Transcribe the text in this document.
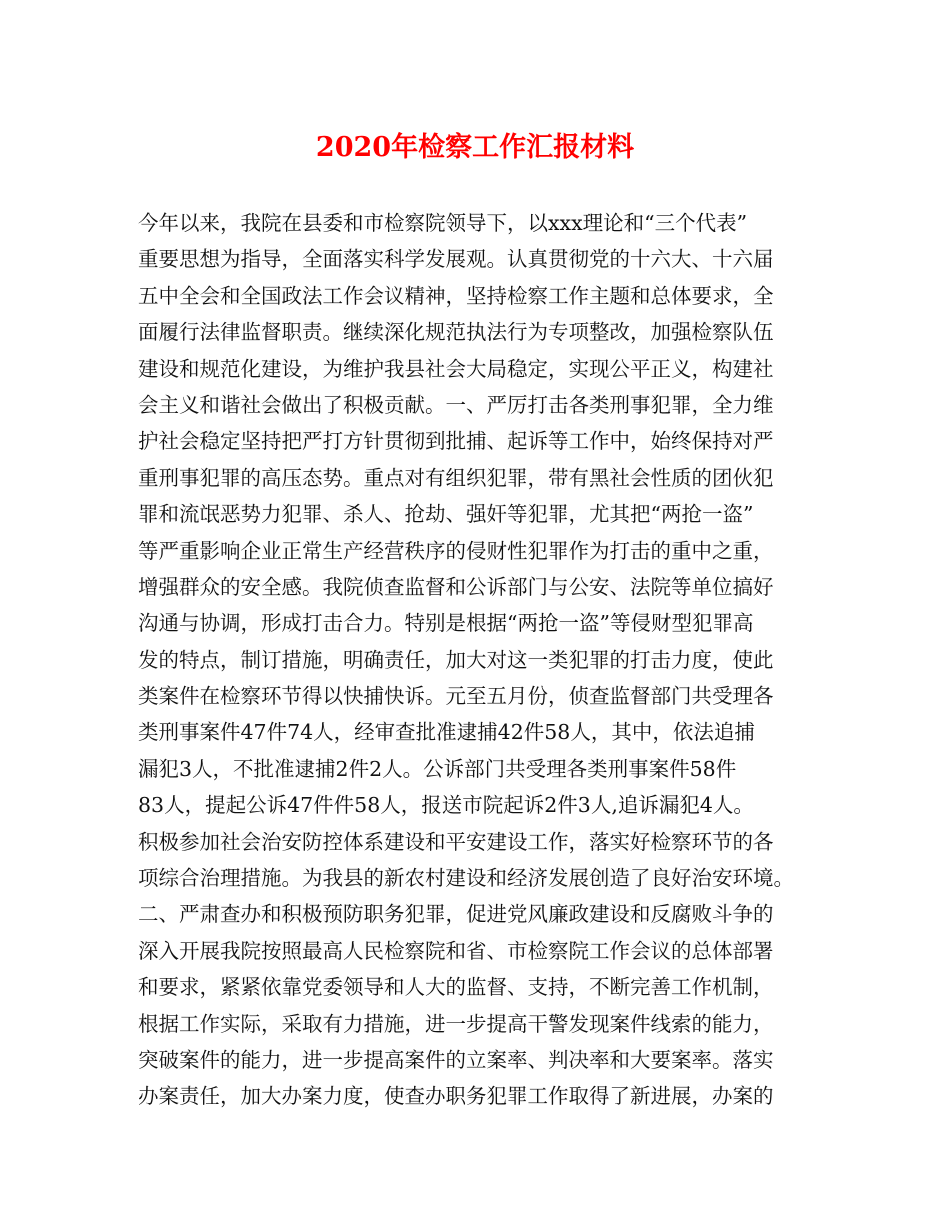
2020年检察工作汇报材料
今年以来，我院在县委和市检察院领导下，以xxx理论和“三个代表”
重要思想为指导，全面落实科学发展观。认真贯彻党的十六大、十六届
五中全会和全国政法工作会议精神，坚持检察工作主题和总体要求，全
面履行法律监督职责。继续深化规范执法行为专项整改，加强检察队伍
建设和规范化建设，为维护我县社会大局稳定，实现公平正义，构建社
会主义和谐社会做出了积极贡献。一、严厉打击各类刑事犯罪，全力维
护社会稳定坚持把严打方针贯彻到批捕、起诉等工作中，始终保持对严
重刑事犯罪的高压态势。重点对有组织犯罪，带有黑社会性质的团伙犯
罪和流氓恶势力犯罪、杀人、抢劫、强奸等犯罪，尤其把“两抢一盗”
等严重影响企业正常生产经营秩序的侵财性犯罪作为打击的重中之重，
增强群众的安全感。我院侦查监督和公诉部门与公安、法院等单位搞好
沟通与协调，形成打击合力。特别是根据“两抢一盗”等侵财型犯罪高
发的特点，制订措施，明确责任，加大对这一类犯罪的打击力度，使此
类案件在检察环节得以快捕快诉。元至五月份，侦查监督部门共受理各
类刑事案件47件74人，经审查批准逮捕42件58人，其中，依法追捕
漏犯3人，不批准逮捕2件2人。公诉部门共受理各类刑事案件58件
83人，提起公诉47件件58人，报送市院起诉2件3人,追诉漏犯4人。
积极参加社会治安防控体系建设和平安建设工作，落实好检察环节的各
项综合治理措施。为我县的新农村建设和经济发展创造了良好治安环境。
二、严肃查办和积极预防职务犯罪，促进党风廉政建设和反腐败斗争的
深入开展我院按照最高人民检察院和省、市检察院工作会议的总体部署
和要求，紧紧依靠党委领导和人大的监督、支持，不断完善工作机制，
根据工作实际，采取有力措施，进一步提高干警发现案件线索的能力，
突破案件的能力，进一步提高案件的立案率、判决率和大要案率。落实
办案责任，加大办案力度，使查办职务犯罪工作取得了新进展，办案的
